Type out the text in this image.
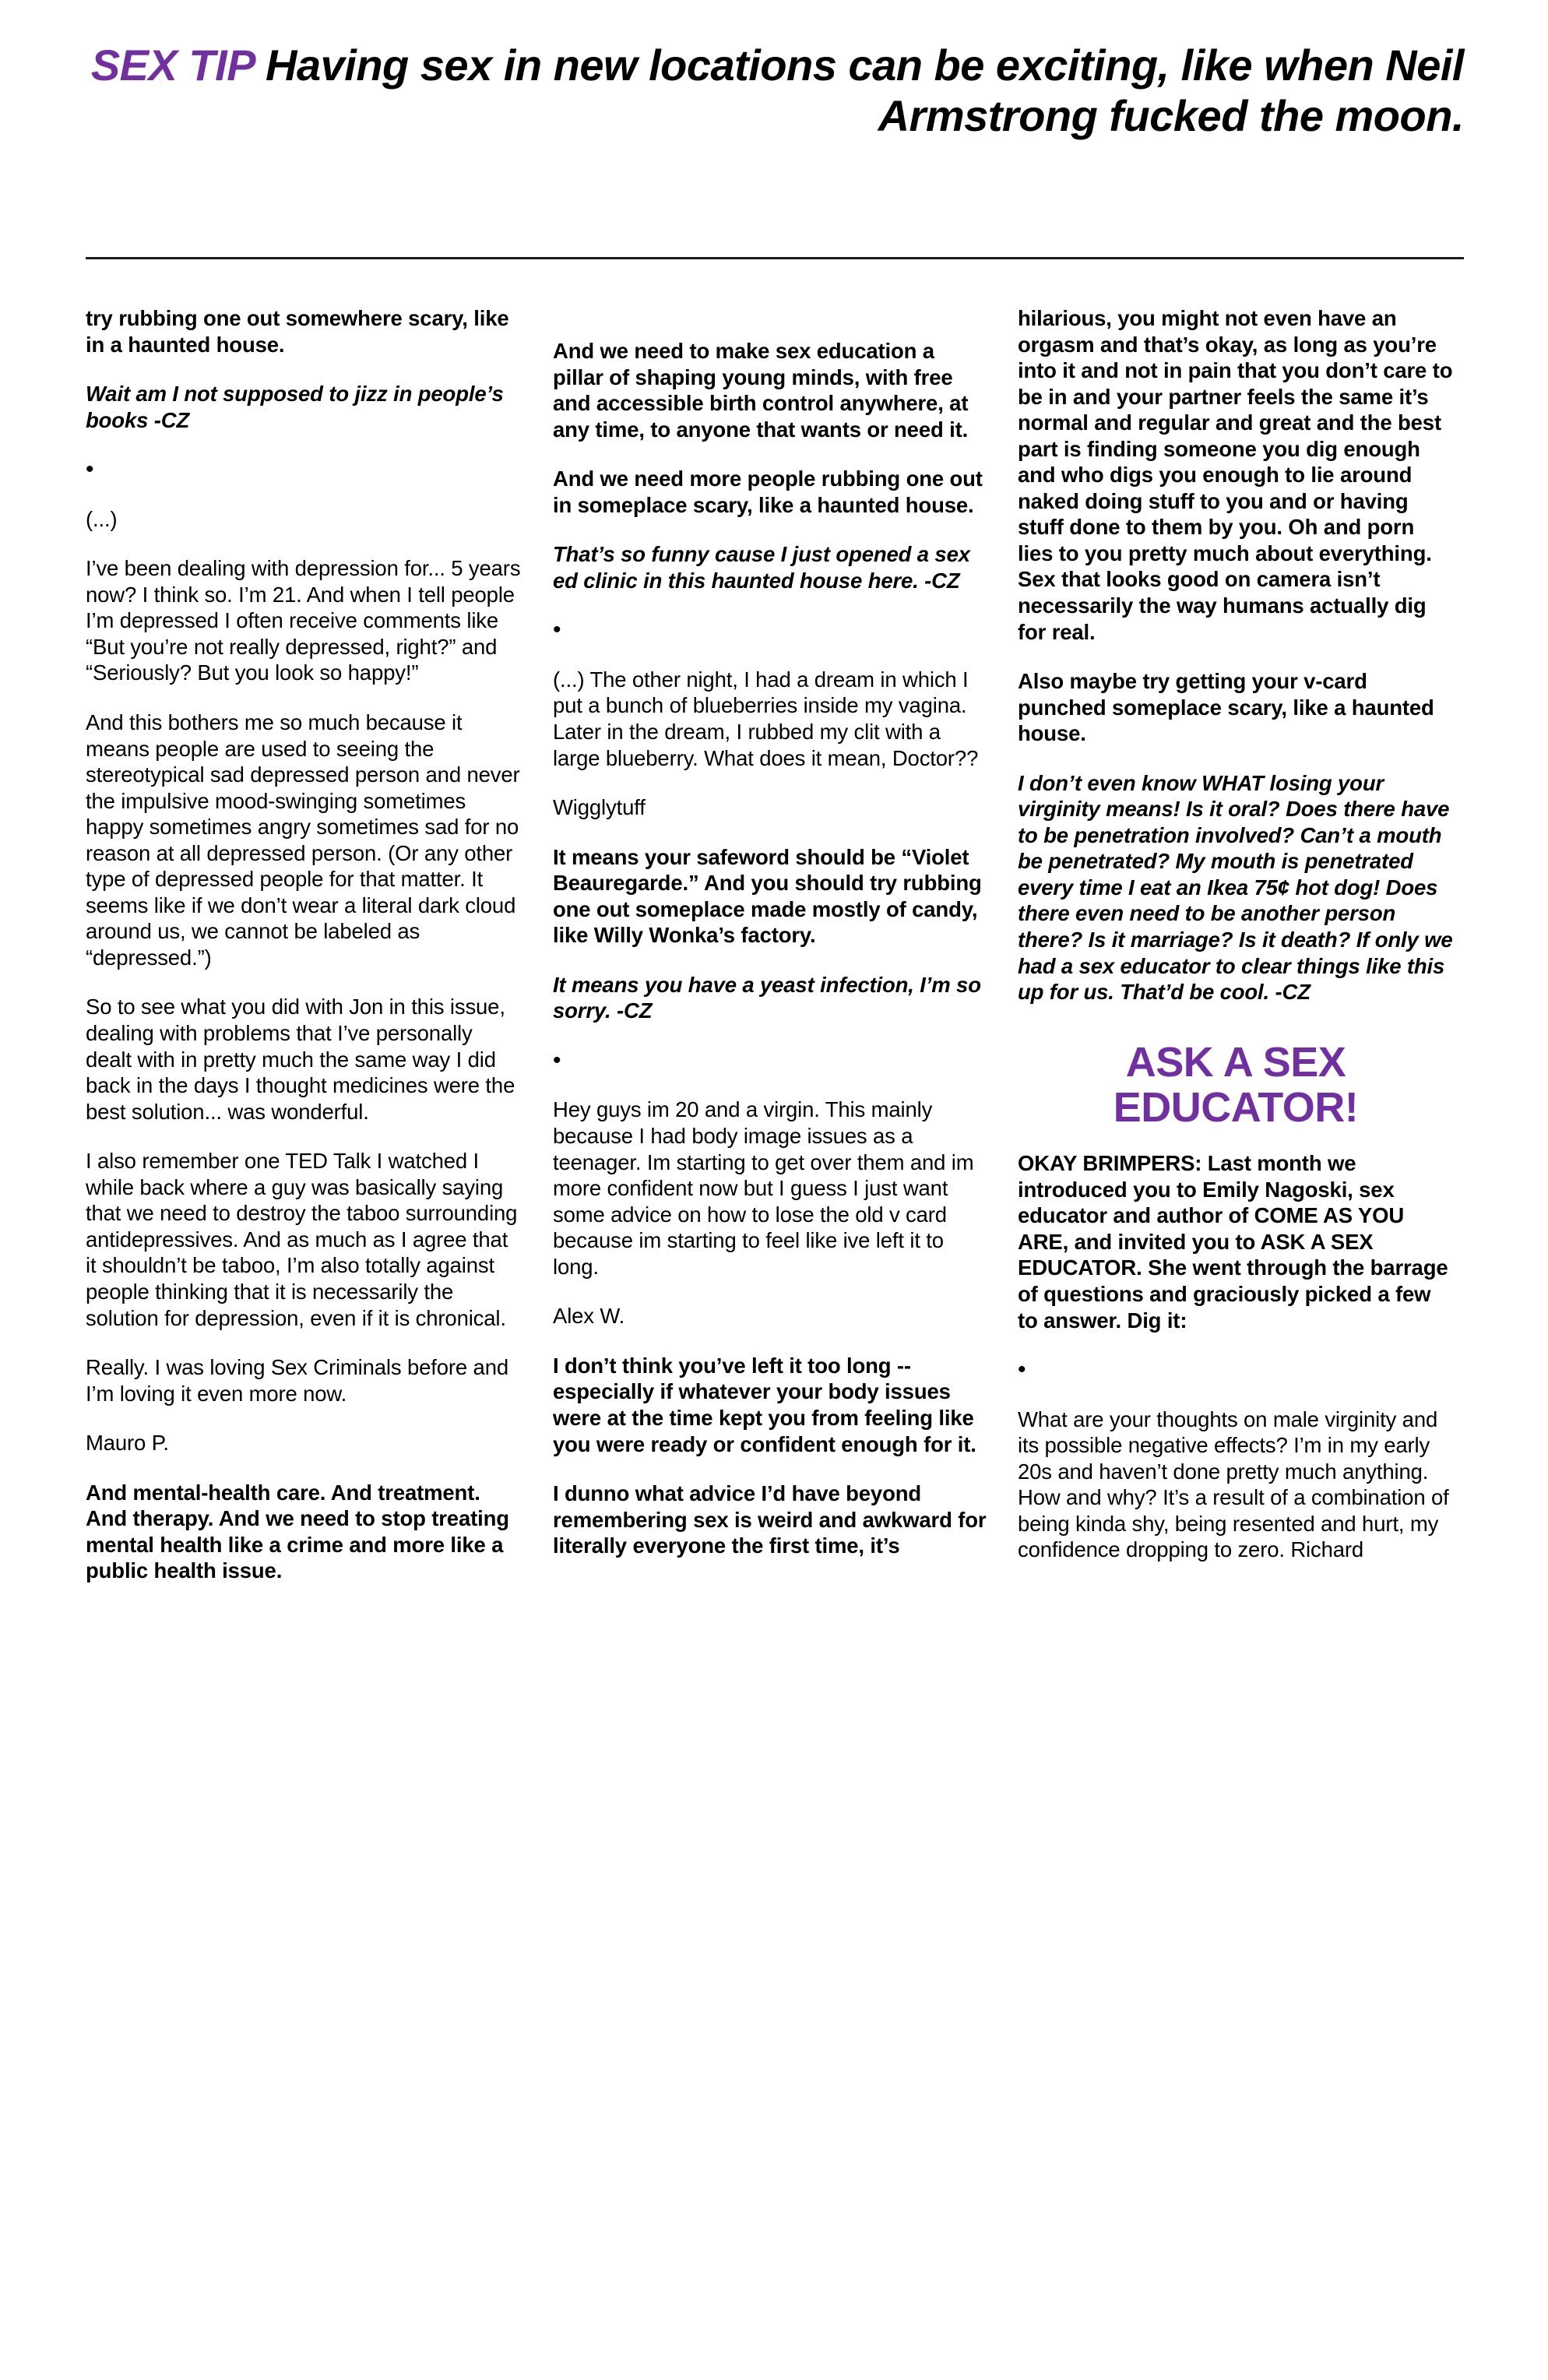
SEX TIP Having sex in new locations can be exciting, like when Neil Armstrong fucked the moon.

try rubbing one out somewhere scary, like in a haunted house.

Wait am I not supposed to jizz in people’s books -CZ

•

(...)

I’ve been dealing with depression for... 5 years now? I think so. I’m 21. And when I tell people I’m depressed I often receive comments like “But you’re not really depressed, right?” and “Seriously? But you look so happy!”

And this bothers me so much because it means people are used to seeing the stereotypical sad depressed person and never the impulsive mood-swinging sometimes happy sometimes angry sometimes sad for no reason at all depressed person. (Or any other type of depressed people for that matter. It seems like if we don’t wear a literal dark cloud around us, we cannot be labeled as “depressed.”)

So to see what you did with Jon in this issue, dealing with problems that I’ve personally dealt with in pretty much the same way I did back in the days I thought medicines were the best solution... was wonderful.

I also remember one TED Talk I watched I while back where a guy was basically saying that we need to destroy the taboo surrounding antidepressives. And as much as I agree that it shouldn’t be taboo, I’m also totally against people thinking that it is necessarily the solution for depression, even if it is chronical.

Really. I was loving Sex Criminals before and I’m loving it even more now.

Mauro P.

And mental-health care. And treatment. And therapy. And we need to stop treating mental health like a crime and more like a public health issue.

And we need to make sex education a pillar of shaping young minds, with free and accessible birth control anywhere, at any time, to anyone that wants or need it.

And we need more people rubbing one out in someplace scary, like a haunted house.

That’s so funny cause I just opened a sex ed clinic in this haunted house here. -CZ

•

(...) The other night, I had a dream in which I put a bunch of blueberries inside my vagina. Later in the dream, I rubbed my clit with a large blueberry. What does it mean, Doctor??

Wigglytuff

It means your safeword should be “Violet Beauregarde.” And you should try rubbing one out someplace made mostly of candy, like Willy Wonka’s factory.

It means you have a yeast infection, I’m so sorry. -CZ

•

Hey guys im 20 and a virgin. This mainly because I had body image issues as a teenager. Im starting to get over them and im more confident now but I guess I just want some advice on how to lose the old v card because im starting to feel like ive left it to long.

Alex W.

I don’t think you’ve left it too long -- especially if whatever your body issues were at the time kept you from feeling like you were ready or confident enough for it.

I dunno what advice I’d have beyond remembering sex is weird and awkward for literally everyone the first time, it’s

hilarious, you might not even have an orgasm and that’s okay, as long as you’re into it and not in pain that you don’t care to be in and your partner feels the same it’s normal and regular and great and the best part is finding someone you dig enough and who digs you enough to lie around naked doing stuff to you and or having stuff done to them by you. Oh and porn lies to you pretty much about everything. Sex that looks good on camera isn’t necessarily the way humans actually dig for real.

Also maybe try getting your v-card punched someplace scary, like a haunted house.

I don’t even know WHAT losing your virginity means! Is it oral? Does there have to be penetration involved? Can’t a mouth be penetrated? My mouth is penetrated every time I eat an Ikea 75¢ hot dog! Does there even need to be another person there? Is it marriage? Is it death? If only we had a sex educator to clear things like this up for us. That’d be cool. -CZ

ASK A SEX EDUCATOR!

OKAY BRIMPERS: Last month we introduced you to Emily Nagoski, sex educator and author of COME AS YOU ARE, and invited you to ASK A SEX EDUCATOR. She went through the barrage of questions and graciously picked a few to answer. Dig it:

•

What are your thoughts on male virginity and its possible negative effects? I’m in my early 20s and haven’t done pretty much anything. How and why? It’s a result of a combination of being kinda shy, being resented and hurt, my confidence dropping to zero. Richard
